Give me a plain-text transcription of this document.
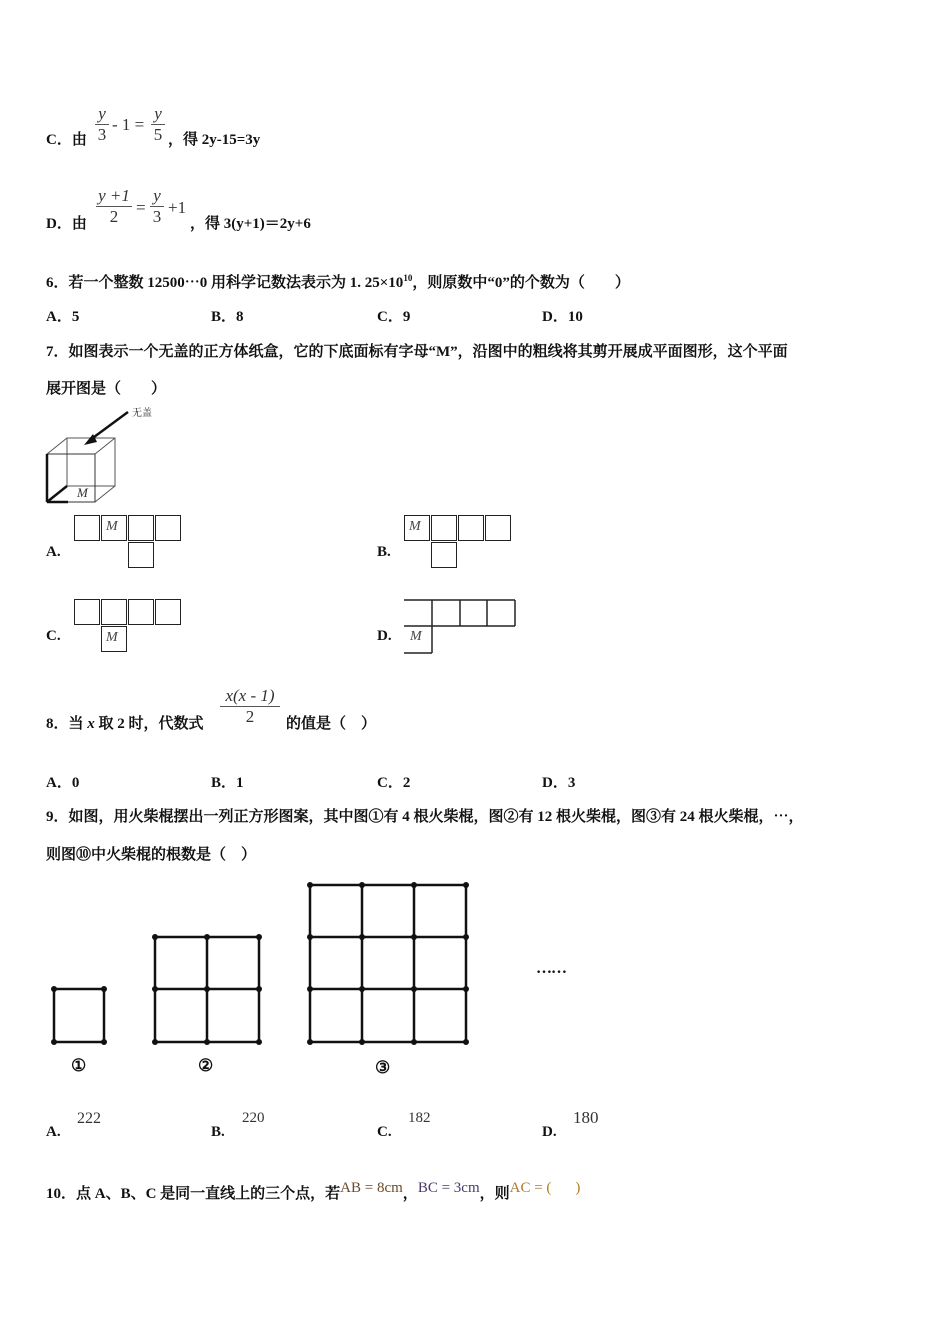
C．由
y
3
- 1 =
y
5 ，得 2y-15=3y
D．由
y +1
2	=
y
3 +1
，得 3(y+1)＝2y+6
6．若一个整数 12500⋯0 用科学记数法表示为 1. $25\times 10^{10}$，则原数中“0”的个数为（　　）
A．5	B．8	C．9	D．10
7．如图表示一个无盖的正方体纸盒，它的下底面标有字母“M”，沿图中的粗线将其剪开展成平面图形，这个平面
展开图是（　　）
M
无盖
A.
M
B.
M
C.	M	D. M
8．当 x 取 2 时，代数式
x(x - 1)
2	的值是（　）
A．0	B．1	C．2	D．3
9．如图，用火柴棍摆出一列正方形图案，其中图①有 4 根火柴棍，图②有 12 根火柴棍，图③有 24 根火柴棍，⋯，
则图⑩中火柴棍的根数是（　）
①	②	③
……
A.
222
B.
220
C.
182
D.
180
10．点 A、B、C 是同一直线上的三个点，若AB = 8cm，BC = 3cm，则AC = ( )
